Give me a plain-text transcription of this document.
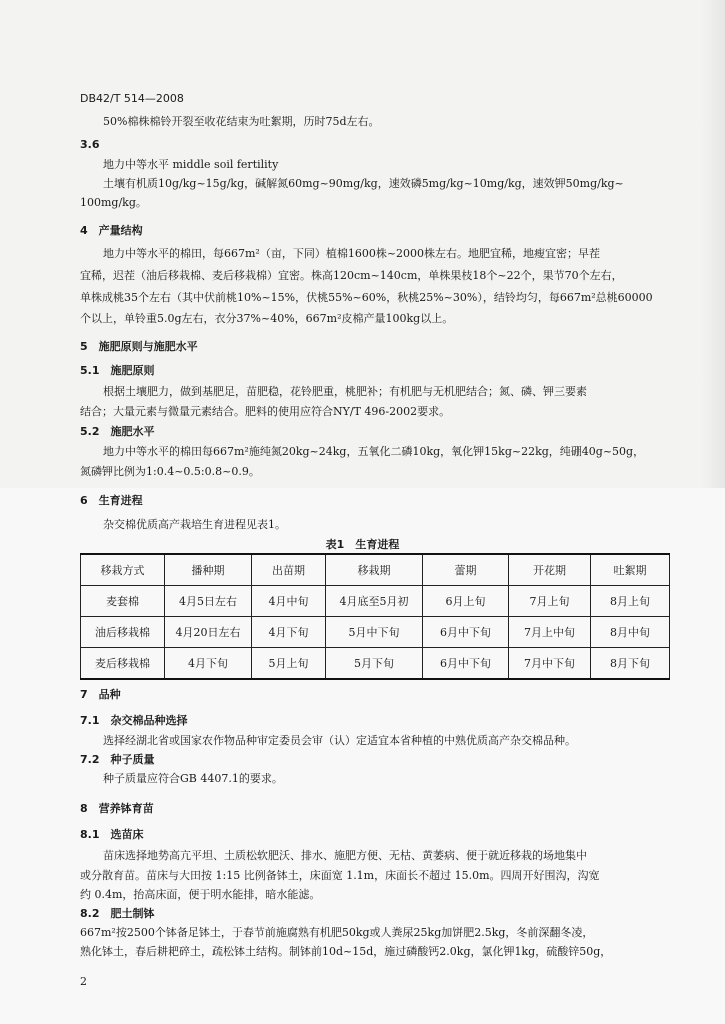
DB42/T 514—2008
50%棉株棉铃开裂至收花结束为吐絮期，历时75d左右。
3.6
地力中等水平 middle soil fertility
土壤有机质10g/kg~15g/kg，碱解氮60mg~90mg/kg，速效磷5mg/kg~10mg/kg，速效钾50mg/kg~
100mg/kg。
4　产量结构
地力中等水平的棉田，每667m²（亩，下同）植棉1600株~2000株左右。地肥宜稀，地瘦宜密；早茬
宜稀，迟茬（油后移栽棉、麦后移栽棉）宜密。株高120cm~140cm，单株果枝18个~22个，果节70个左右，
单株成桃35个左右（其中伏前桃10%~15%，伏桃55%~60%，秋桃25%~30%），结铃均匀，每667m²总桃60000
个以上，单铃重5.0g左右，衣分37%~40%，667m²皮棉产量100kg以上。
5　施肥原则与施肥水平
5.1　施肥原则
根据土壤肥力，做到基肥足，苗肥稳，花铃肥重，桃肥补；有机肥与无机肥结合；氮、磷、钾三要素
结合；大量元素与微量元素结合。肥料的使用应符合NY/T 496-2002要求。
5.2　施肥水平
地力中等水平的棉田每667m²施纯氮20kg~24kg，五氧化二磷10kg，氧化钾15kg~22kg，纯硼40g~50g，
氮磷钾比例为1:0.4~0.5:0.8~0.9。
6　生育进程
杂交棉优质高产栽培生育进程见表1。
表1　生育进程
移栽方式	播种期	出苗期	移栽期	蕾期	开花期	吐絮期
麦套棉	4月5日左右	4月中旬	4月底至5月初	6月上旬	7月上旬	8月上旬
油后移栽棉	4月20日左右	4月下旬	5月中下旬	6月中下旬	7月上中旬	8月中旬
麦后移栽棉	4月下旬	5月上旬	5月下旬	6月中下旬	7月中下旬	8月下旬
7　品种
7.1　杂交棉品种选择
选择经湖北省或国家农作物品种审定委员会审（认）定适宜本省种植的中熟优质高产杂交棉品种。
7.2　种子质量
种子质量应符合GB 4407.1的要求。
8　营养钵育苗
8.1　选苗床
苗床选择地势高亢平坦、土质松软肥沃、排水、施肥方便、无枯、黄萎病、便于就近移栽的场地集中
或分散育苗。苗床与大田按 1:15 比例备钵土，床面宽 1.1m，床面长不超过 15.0m。四周开好围沟，沟宽
约 0.4m，抬高床面，便于明水能排，暗水能滤。
8.2　肥土制钵
667m²按2500个钵备足钵土，于春节前施腐熟有机肥50kg或人粪尿25kg加饼肥2.5kg，冬前深翻冬凌，
熟化钵土，春后耕耙碎土，疏松钵土结构。制钵前10d~15d，施过磷酸钙2.0kg，氯化钾1kg，硫酸锌50g，
2
